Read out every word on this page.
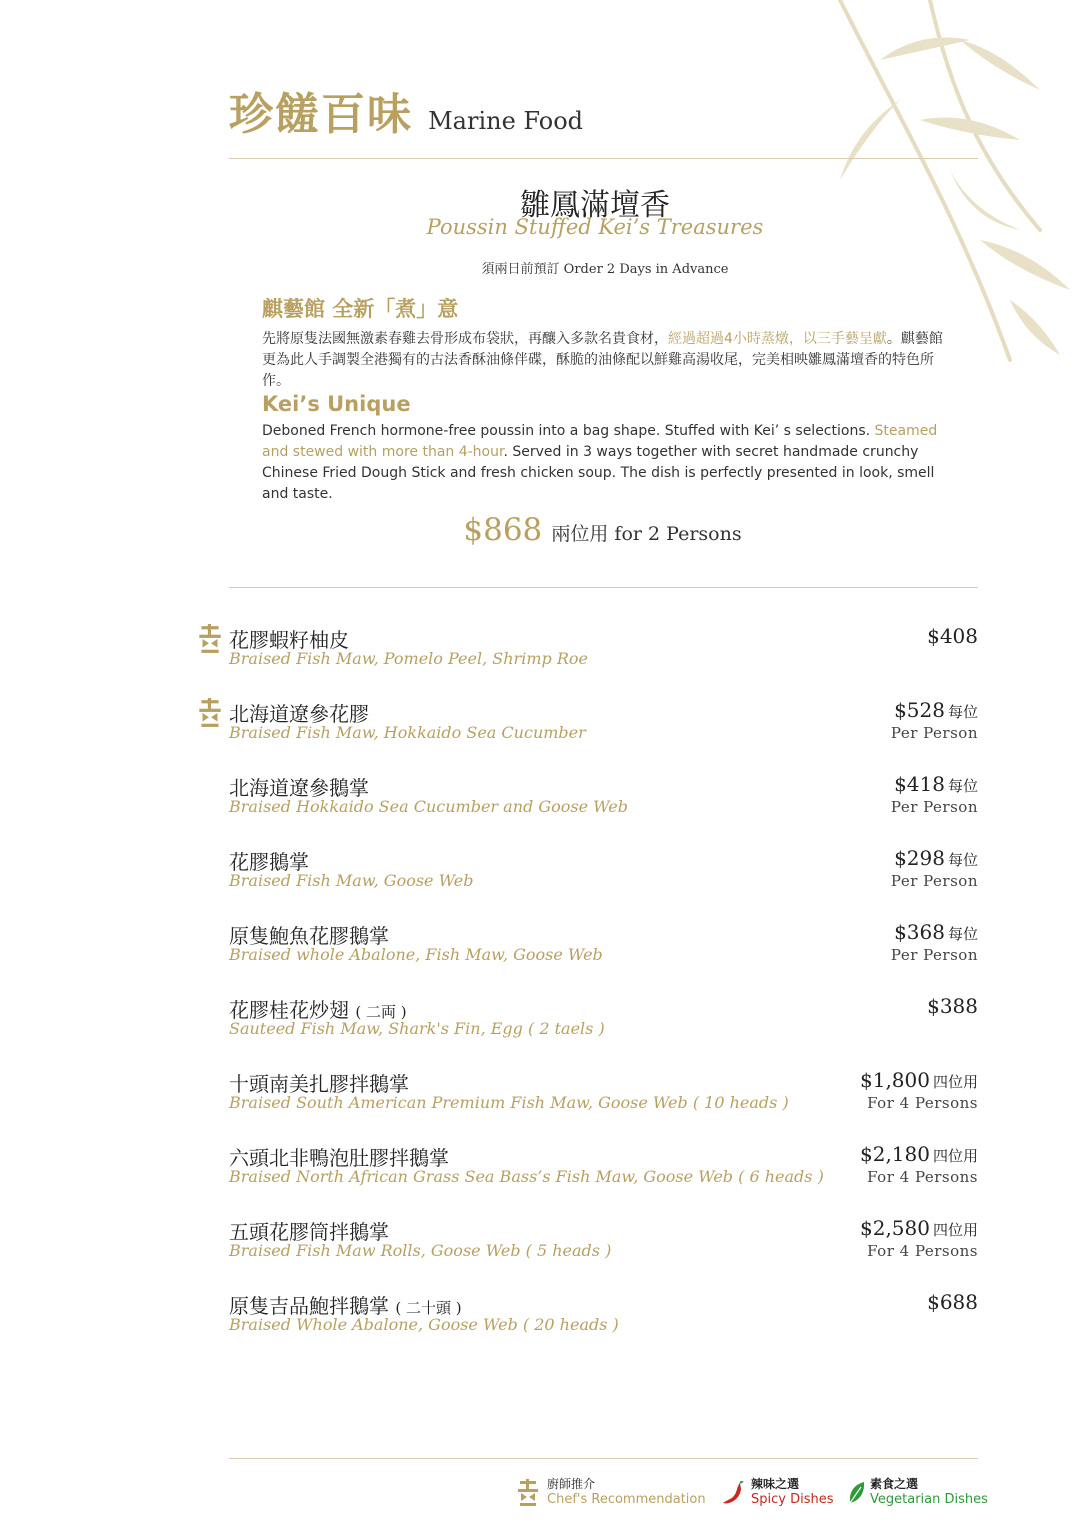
珍饈百味 Marine Food
雛鳳滿壇香
Poussin Stuffed Kei’s Treasures
須兩日前預訂 Order 2 Days in Advance
麒藝館 全新「煮」意

先將原隻法國無激素春雞去骨形成布袋狀，再釀入多款名貴食材，經過超過4小時蒸燉，以三手藝呈獻。麒藝館更為此人手調製全港獨有的古法香酥油條伴碟，酥脆的油條配以鮮雞高湯收尾，完美相映雛鳳滿壇香的特色所作。

Kei’s Unique

Deboned French hormone-free poussin into a bag shape. Stuffed with Kei’ s selections. Steamed and stewed with more than 4-hour. Served in 3 ways together with secret handmade crunchy Chinese Fried Dough Stick and fresh chicken soup. The dish is perfectly presented in look, smell and taste.

$868 兩位用 for 2 Persons
花膠蝦籽柚皮
Braised Fish Maw, Pomelo Peel, Shrimp Roe
$408
北海道遼參花膠
Braised Fish Maw, Hokkaido Sea Cucumber
$528 每位
Per Person
北海道遼參鵝掌
Braised Hokkaido Sea Cucumber and Goose Web
$418 每位
Per Person
花膠鵝掌
Braised Fish Maw, Goose Web
$298 每位
Per Person
原隻鮑魚花膠鵝掌
Braised whole Abalone, Fish Maw, Goose Web
$368 每位
Per Person
花膠桂花炒翅 ( 二両 )
Sauteed Fish Maw, Shark's Fin, Egg ( 2 taels )
$388
十頭南美扎膠拌鵝掌
Braised South American Premium Fish Maw, Goose Web ( 10 heads )
$1,800 四位用
For 4 Persons
六頭北非鴨泡肚膠拌鵝掌
Braised North African Grass Sea Bass’s Fish Maw, Goose Web ( 6 heads )
$2,180 四位用
For 4 Persons
五頭花膠筒拌鵝掌
Braised Fish Maw Rolls, Goose Web ( 5 heads )
$2,580 四位用
For 4 Persons
原隻吉品鮑拌鵝掌 ( 二十頭 )
Braised Whole Abalone, Goose Web ( 20 heads )
$688
廚師推介
Chef's Recommendation
辣味之選
Spicy Dishes
素食之選
Vegetarian Dishes
